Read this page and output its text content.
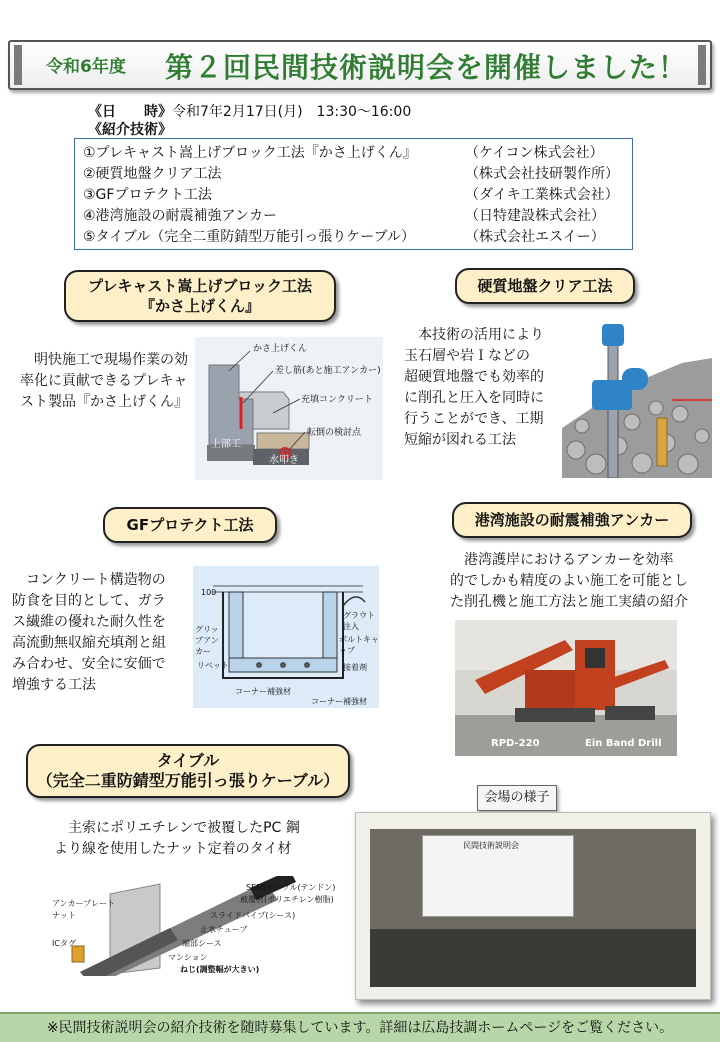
令和6年度 第２回民間技術説明会を開催しました！
《日　　時》令和7年2月17日(月)　13:30～16:00
《紹介技術》
①プレキャスト嵩上げブロック工法『かさ上げくん』	（ケイコン株式会社）
②硬質地盤クリア工法	（株式会社技研製作所）
③GFプロテクト工法	（ダイキ工業株式会社）
④港湾施設の耐震補強アンカー	（日特建設株式会社）
⑤タイブル（完全二重防錆型万能引っ張りケーブル）	（株式会社エスイー）
プレキャスト嵩上げブロック工法
『かさ上げくん』
明快施工で現場作業の効
率化に貢献できるプレキャ
スト製品『かさ上げくん』
かさ上げくん
差し筋(あと施工アンカー)
充填コンクリート
転倒の検討点
上部工
水叩き
硬質地盤クリア工法
本技術の活用により
玉石層や岩Ｉなどの
超硬質地盤でも効率的
に削孔と圧入を同時に
行うことができ、工期
短縮が図れる工法
GFプロテクト工法
コンクリート構造物の
防食を目的として、ガラ
ス繊維の優れた耐久性を
高流動無収縮充填剤と組
み合わせ、安全に安価で
増強する工法
100
グラウト注入
グリップアンカー
ボルトキャップ
リベット	接着剤
コーナー補強材
コーナー補強材
港湾施設の耐震補強アンカー
港湾護岸におけるアンカーを効率
的でしかも精度のよい施工を可能とし
た削孔機と施工方法と施工実績の紹介
RPD-220	Ein Band Drill
タイブル
（完全二重防錆型万能引っ張りケーブル）
主索にポリエチレンで被覆したPC 鋼
より線を使用したナット定着のタイ材
アンカープレート
ナット
ICタグ
SEEEケーブル(テンドン)
被覆材(ポリエチレン樹脂)
スライドパイプ(シース)
止水チューブ
端部シース
マンション
ねじ(調整幅が大きい)
会場の様子
民間技術説明会
※民間技術説明会の紹介技術を随時募集しています。詳細は広島技調ホームページをご覧ください。
